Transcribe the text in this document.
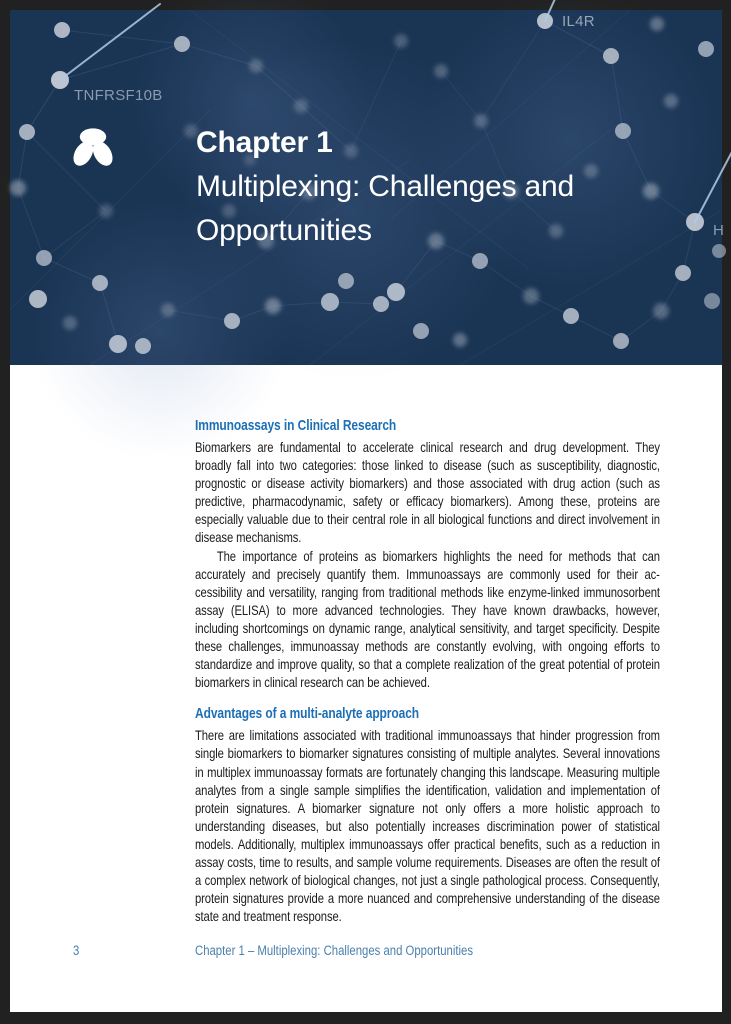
TNFRSF10B
IL4R
H
Chapter 1
Multiplexing: Challenges and Opportunities
Immunoassays in Clinical Research

Biomarkers are fundamental to accelerate clinical research and drug development. They broadly fall into two categories: those linked to disease (such as susceptibility, diagnostic, prognostic or disease activity biomarkers) and those associated with drug action (such as predictive, pharmacodynamic, safety or efficacy biomarkers). Among these, proteins are especially valuable due to their central role in all biological functions and direct involvement in disease mechanisms.

The importance of proteins as biomarkers highlights the need for methods that can accurately and precisely quantify them. Immunoassays are commonly used for their accessibility and versatility, ranging from traditional methods like enzyme-linked immunosorbent assay (ELISA) to more advanced technologies. They have known drawbacks, however, including shortcomings on dynamic range, analytical sensitivity, and target specificity. Despite these challenges, immunoassay methods are constantly evolving, with ongoing efforts to standardize and improve quality, so that a complete realization of the great potential of protein biomarkers in clinical research can be achieved.

Advantages of a multi-analyte approach

There are limitations associated with traditional immunoassays that hinder progression from single biomarkers to biomarker signatures consisting of multiple analytes. Several innovations in multiplex immunoassay formats are fortunately changing this landscape. Measuring multiple analytes from a single sample simplifies the identification, validation and implementation of protein signatures. A biomarker signature not only offers a more holistic approach to understanding diseases, but also potentially increases discrimination power of statistical models. Additionally, multiplex immunoassays offer practical benefits, such as a reduction in assay costs, time to results, and sample volume requirements. Diseases are often the result of a complex network of biological changes, not just a single pathological process. Consequently, protein signatures provide a more nuanced and comprehensive understanding of the disease state and treatment response.

3	Chapter 1 – Multiplexing: Challenges and Opportunities
